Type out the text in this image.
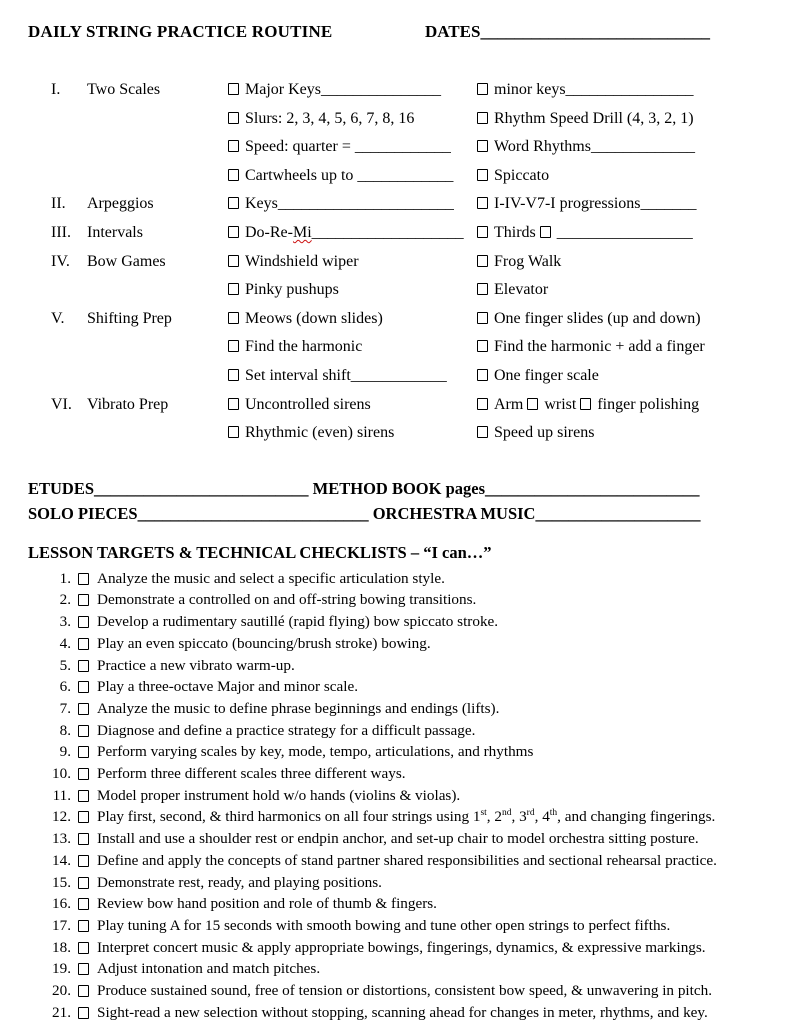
DAILY STRING PRACTICE ROUTINE	DATES ___________________________
I.	Two Scales	Major Keys_______________	minor keys________________
Slurs: 2, 3, 4, 5, 6, 7, 8, 16	Rhythm Speed Drill (4, 3, 2, 1)
Speed: quarter = ____________	Word Rhythms_____________
Cartwheels up to ____________	Spiccato
II.	Arpeggios	Keys______________________	I-IV-V7-I progressions_______
III.	Intervals	Do-Re-Mi___________________	Thirds _________________
IV.	Bow Games	Windshield wiper	Frog Walk
Pinky pushups	Elevator
V.	Shifting Prep	Meows (down slides)	One finger slides (up and down)
Find the harmonic	Find the harmonic + add a finger
Set interval shift____________	One finger scale
VI. Vibrato Prep	Uncontrolled sirens	Arm wrist finger polishing
Rhythmic (even) sirens	Speed up sirens
ETUDES__________________________ METHOD BOOK pages__________________________
SOLO PIECES____________________________ ORCHESTRA MUSIC____________________
LESSON TARGETS & TECHNICAL CHECKLISTS – “I can…”
1. Analyze the music and select a specific articulation style.
2. Demonstrate a controlled on and off-string bowing transitions.
3. Develop a rudimentary sautillé (rapid flying) bow spiccato stroke.
4. Play an even spiccato (bouncing/brush stroke) bowing.
5. Practice a new vibrato warm-up.
6. Play a three-octave Major and minor scale.
7. Analyze the music to define phrase beginnings and endings (lifts).
8. Diagnose and define a practice strategy for a difficult passage.
9. Perform varying scales by key, mode, tempo, articulations, and rhythms
10. Perform three different scales three different ways.
11. Model proper instrument hold w/o hands (violins & violas).
12. Play first, second, & third harmonics on all four strings using 1st, 2nd, 3rd, 4th, and changing fingerings.
13. Install and use a shoulder rest or endpin anchor, and set-up chair to model orchestra sitting posture.
14. Define and apply the concepts of stand partner shared responsibilities and sectional rehearsal practice.
15. Demonstrate rest, ready, and playing positions.
16. Review bow hand position and role of thumb & fingers.
17. Play tuning A for 15 seconds with smooth bowing and tune other open strings to perfect fifths.
18. Interpret concert music & apply appropriate bowings, fingerings, dynamics, & expressive markings.
19. Adjust intonation and match pitches.
20. Produce sustained sound, free of tension or distortions, consistent bow speed, & unwavering in pitch.
21. Sight-read a new selection without stopping, scanning ahead for changes in meter, rhythms, and key.
